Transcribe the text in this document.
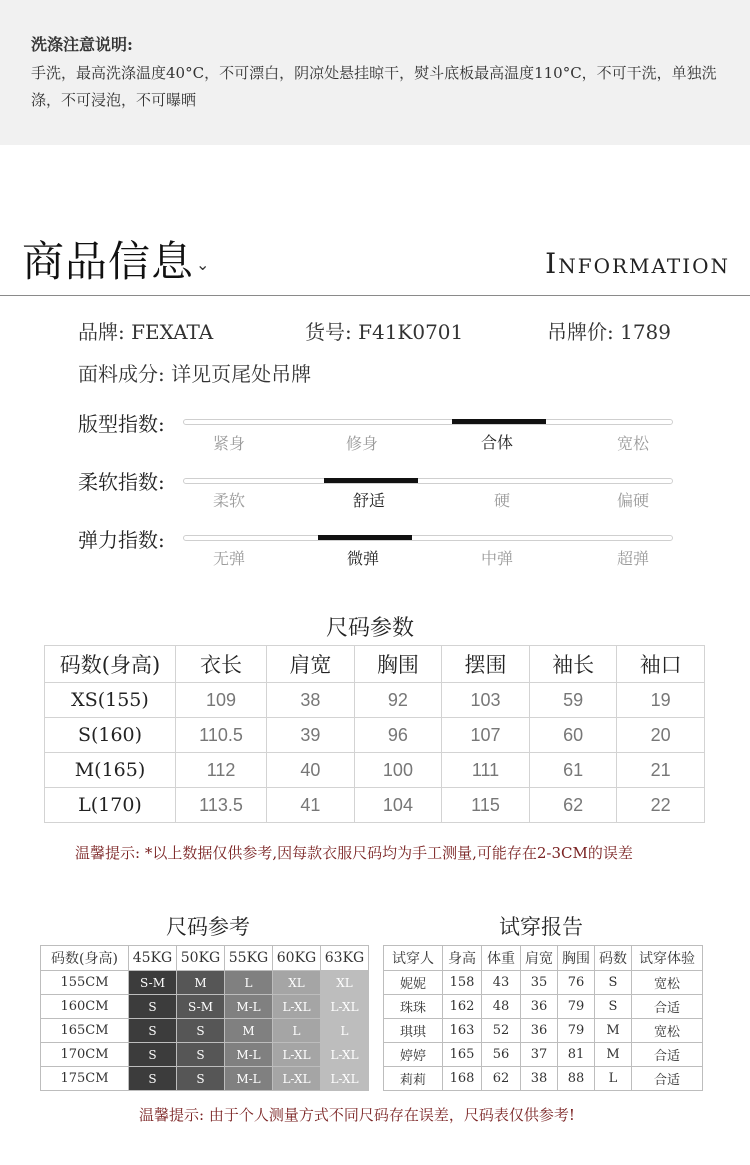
洗涤注意说明:
手洗，最高洗涤温度40°C，不可漂白，阴凉处悬挂晾干，熨斗底板最高温度110°C，不可干洗，单独洗涤，不可浸泡，不可曝晒
商品信息 ⌄	Information
品牌: FEXATA	货号: F41K0701	吊牌价: 1789
面料成分: 详见页尾处吊牌
版型指数:
紧身	修身	合体	宽松
柔软指数:
柔软	舒适	硬	偏硬
弹力指数:
无弹	微弹	中弹	超弹
尺码参数
码数(身高)	衣长	肩宽	胸围	摆围	袖长	袖口
XS(155)	109	38	92	103	59	19
S(160)	110.5	39	96	107	60	20
M(165)	112	40	100	111	61	21
L(170)	113.5	41	104	115	62	22
温馨提示: *以上数据仅供参考,因每款衣服尺码均为手工测量,可能存在2-3CM的误差
尺码参考
码数(身高)	45KG	50KG	55KG	60KG	63KG
155CM	S-M	M	L	XL	XL
160CM	S	S-M	M-L	L-XL	L-XL
165CM	S	S	M	L	L
170CM	S	S	M-L	L-XL	L-XL
175CM	S	S	M-L	L-XL	L-XL
试穿报告
试穿人	身高	体重	肩宽	胸围	码数	试穿体验
妮妮	158	43	35	76	S	宽松
珠珠	162	48	36	79	S	合适
琪琪	163	52	36	79	M	宽松
婷婷	165	56	37	81	M	合适
莉莉	168	62	38	88	L	合适
温馨提示: 由于个人测量方式不同尺码存在误差，尺码表仅供参考!
